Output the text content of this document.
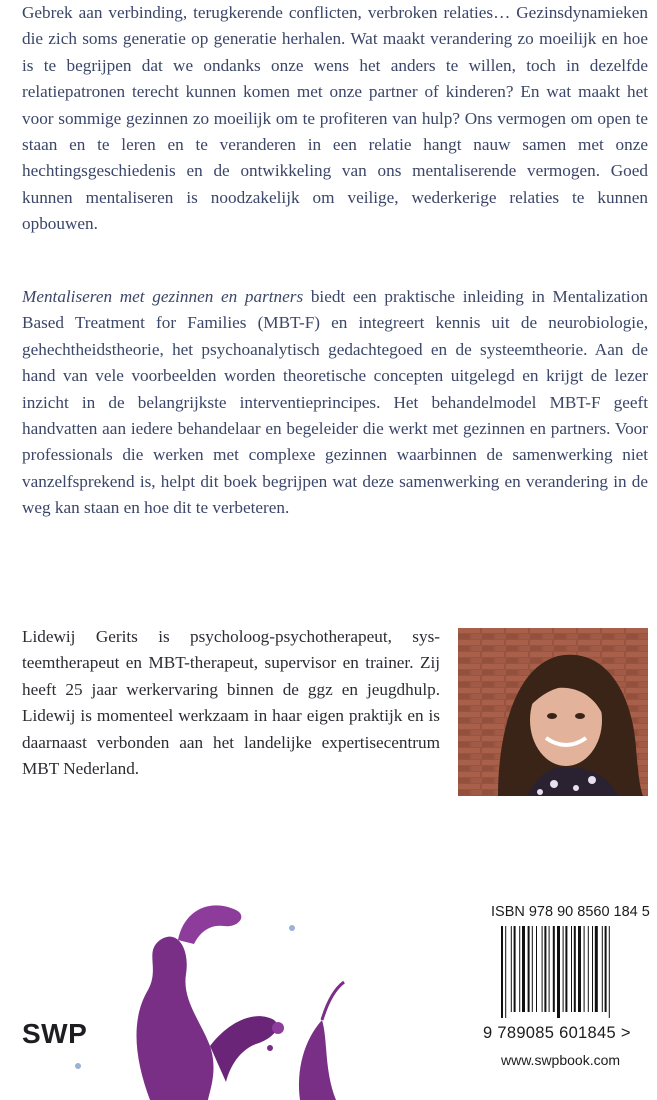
Gebrek aan verbinding, terugkerende conflicten, verbroken relaties… Gezinsdynamieken die zich soms generatie op generatie herhalen. Wat maakt verandering zo moeilijk en hoe is te begrijpen dat we ondanks onze wens het anders te willen, toch in dezelfde relatiepatronen terecht kunnen komen met onze partner of kinderen? En wat maakt het voor sommige gezinnen zo moeilijk om te profiteren van hulp? Ons vermogen om open te staan en te leren en te veranderen in een relatie hangt nauw samen met onze hechtingsgeschiedenis en de ontwikkeling van ons mentaliserende vermogen. Goed kunnen mentaliseren is noodzakelijk om veilige, wederkerige relaties te kunnen opbouwen.

Mentaliseren met gezinnen en partners biedt een praktische inleiding in Mentalization Based Treatment for Families (MBT-F) en integreert kennis uit de neurobiologie, gehechtheidstheorie, het psychoanalytisch gedachtegoed en de systeemtheorie. Aan de hand van vele voorbeelden worden theoretische concepten uitgelegd en krijgt de lezer inzicht in de belangrijkste interventieprincipes. Het behandelmodel MBT-F geeft handvatten aan iedere behandelaar en begeleider die werkt met gezinnen en partners. Voor professionals die werken met complexe gezinnen waarbinnen de samenwerking niet vanzelfsprekend is, helpt dit boek begrijpen wat deze samenwerking en verandering in de weg kan staan en hoe dit te verbeteren.

Lidewij Gerits is psycholoog-psychotherapeut, systeemtherapeut en MBT-therapeut, supervisor en trainer. Zij heeft 25 jaar werkervaring binnen de ggz en jeugdhulp. Lidewij is momenteel werkzaam in haar eigen praktijk en is daarnaast verbonden aan het landelijke expertisecentrum MBT Nederland.

SWP
ISBN 978 90 8560 184 5
9 789085 601845 >
www.swpbook.com
